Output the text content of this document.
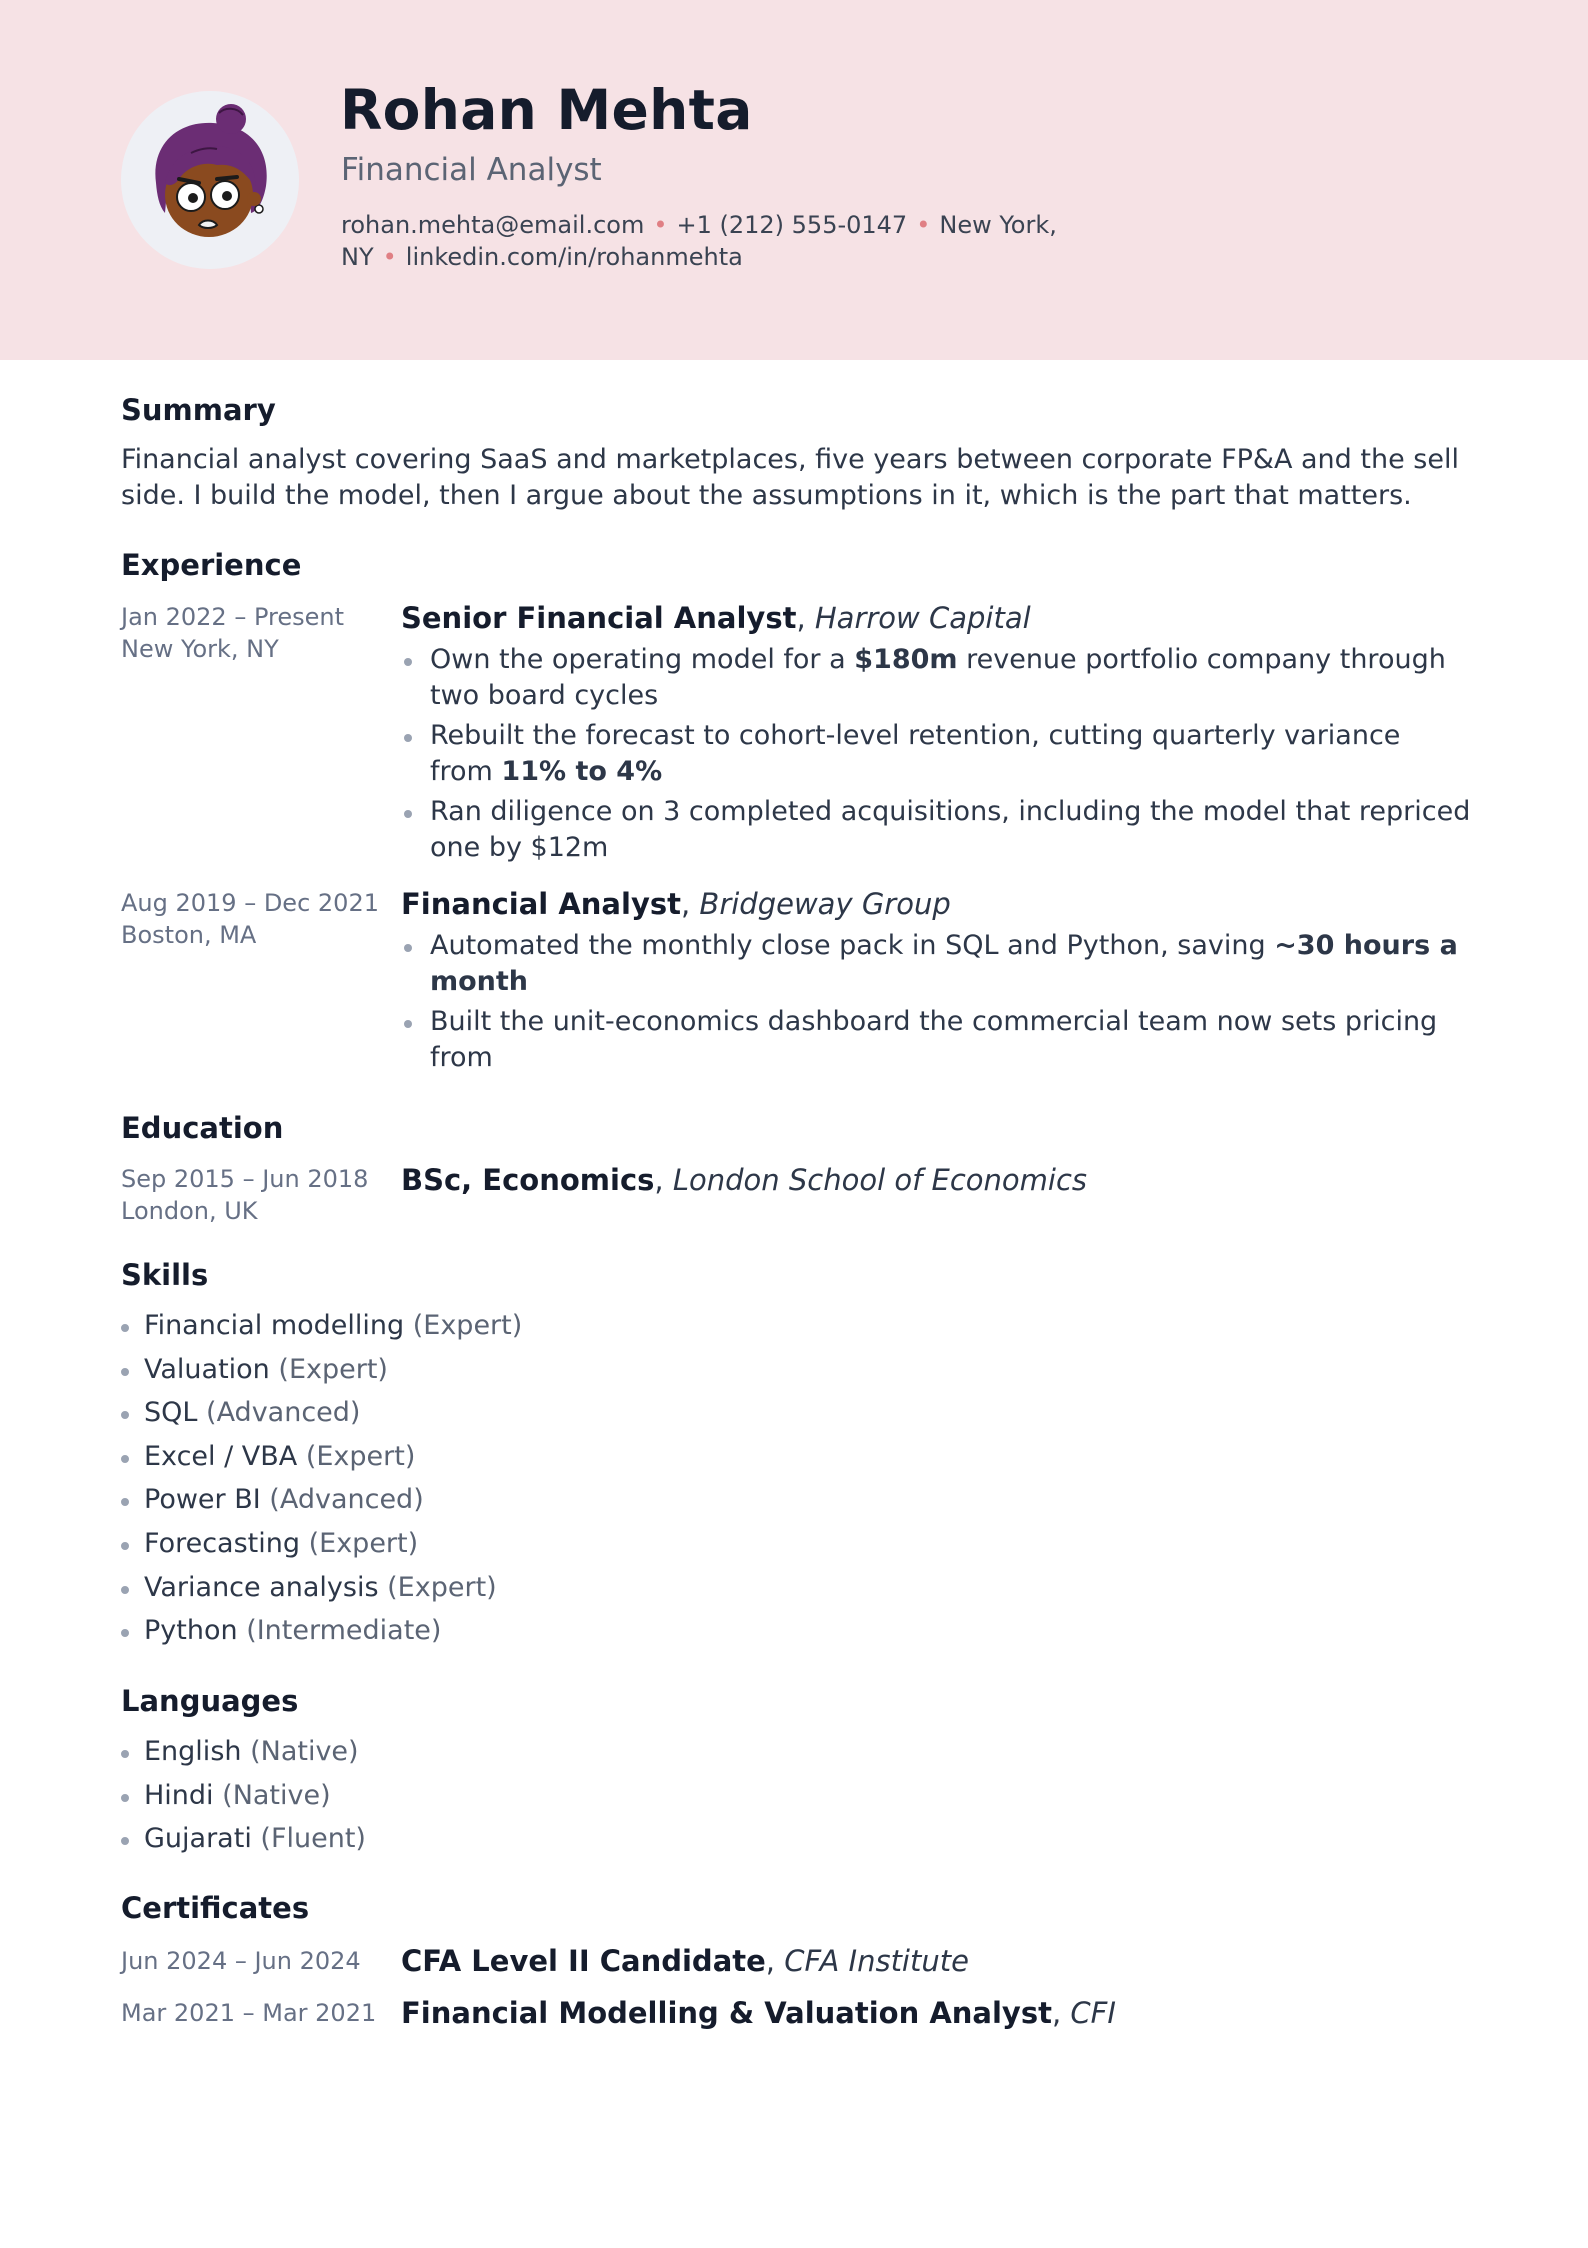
Rohan Mehta
Financial Analyst
rohan.mehta@email.com • +1 (212) 555-0147 • New York, NY • linkedin.com/in/rohanmehta
Summary
Financial analyst covering SaaS and marketplaces, five years between corporate FP&A and the sell side. I build the model, then I argue about the assumptions in it, which is the part that matters.
Experience
Jan 2022 – Present
New York, NY
Senior Financial Analyst, Harrow Capital
Own the operating model for a $180m revenue portfolio company through two board cycles
Rebuilt the forecast to cohort-level retention, cutting quarterly variance from 11% to 4%
Ran diligence on 3 completed acquisitions, including the model that repriced one by $12m
Aug 2019 – Dec 2021
Boston, MA
Financial Analyst, Bridgeway Group
Automated the monthly close pack in SQL and Python, saving ~30 hours a month
Built the unit-economics dashboard the commercial team now sets pricing from
Education
Sep 2015 – Jun 2018
London, UK
BSc, Economics, London School of Economics
Skills
Financial modelling (Expert)
Valuation (Expert)
SQL (Advanced)
Excel / VBA (Expert)
Power BI (Advanced)
Forecasting (Expert)
Variance analysis (Expert)
Python (Intermediate)
Languages
English (Native)
Hindi (Native)
Gujarati (Fluent)
Certificates
Jun 2024 – Jun 2024	CFA Level II Candidate, CFA Institute
Mar 2021 – Mar 2021 Financial Modelling & Valuation Analyst, CFI
